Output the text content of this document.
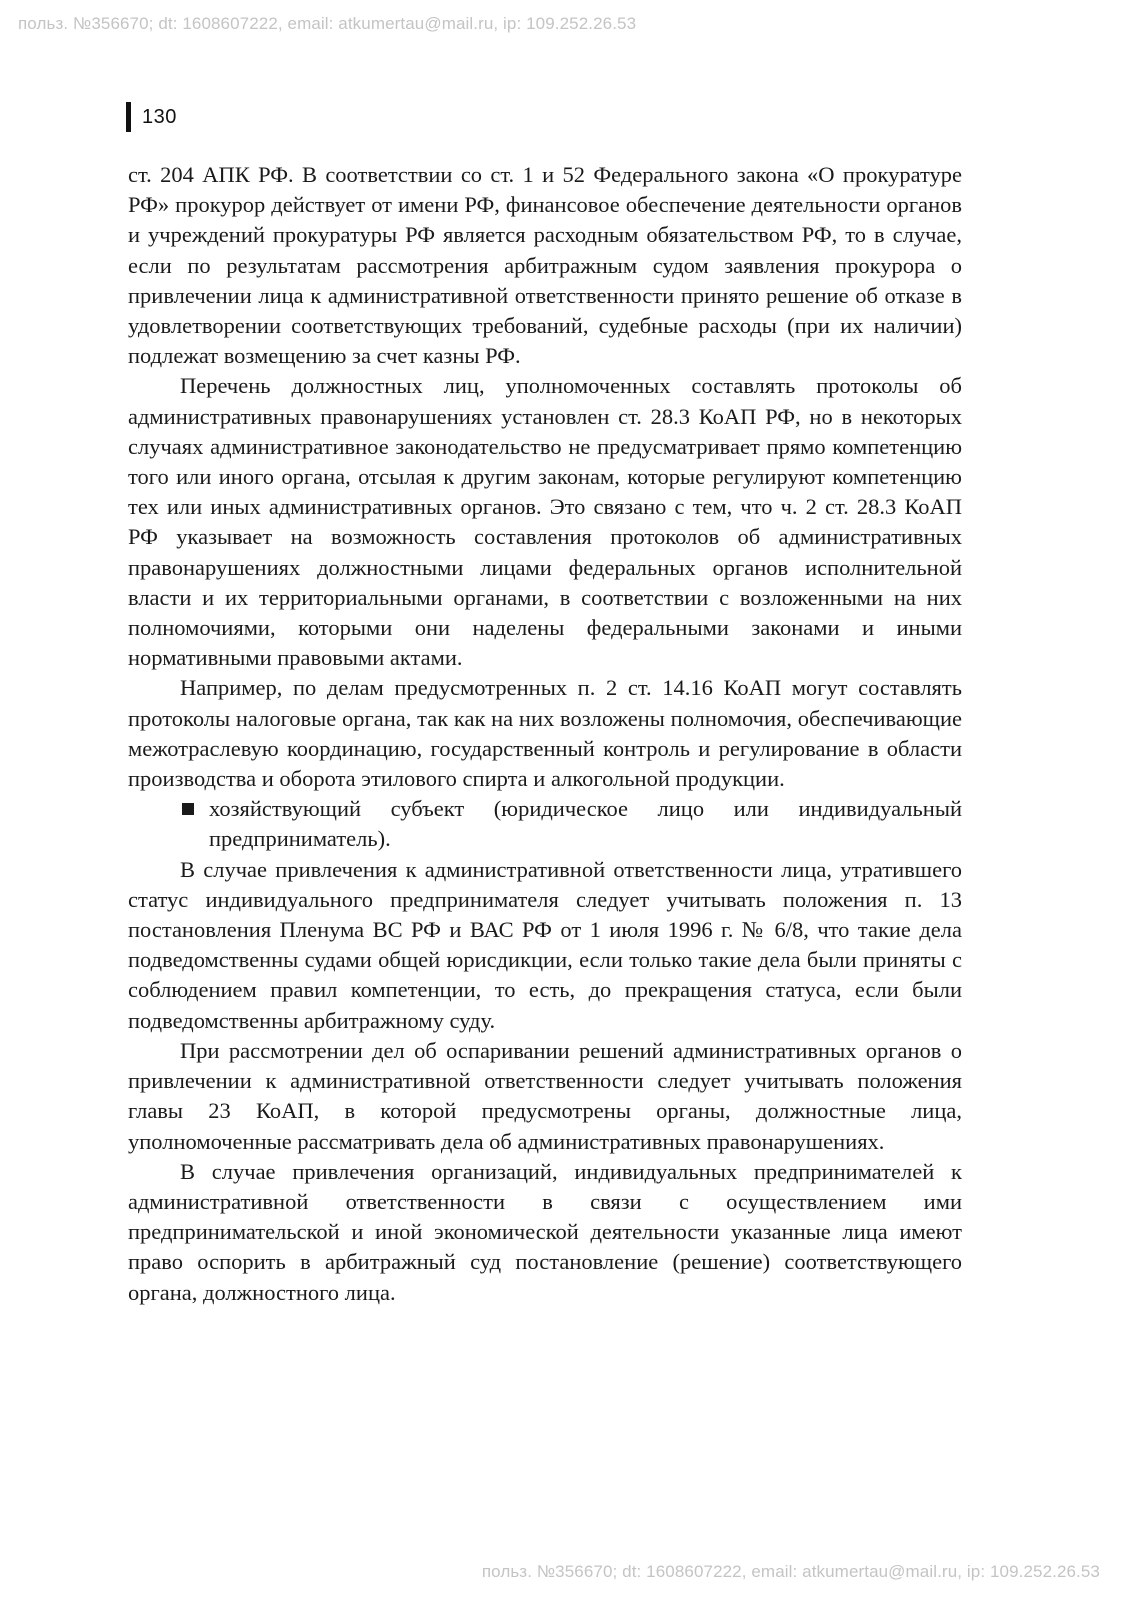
польз. №356670; dt: 1608607222, email: atkumertau@mail.ru, ip: 109.252.26.53
130

ст. 204 АПК РФ. В соответствии со ст. 1 и 52 Федерального закона «О прокуратуре РФ» прокурор действует от имени РФ, финансовое обеспечение деятельности органов и учреждений прокуратуры РФ является расходным обязательством РФ, то в случае, если по результатам рассмотрения арбитражным судом заявления прокурора о привлечении лица к административной ответственности принято решение об отказе в удовлетворении соответствующих требований, судебные расходы (при их наличии) подлежат возмещению за счет казны РФ.

Перечень должностных лиц, уполномоченных составлять протоколы об административных правонарушениях установлен ст. 28.3 КоАП РФ, но в некоторых случаях административное законодательство не предусматривает прямо компетенцию того или иного органа, отсылая к другим законам, которые регулируют компетенцию тех или иных административных органов. Это связано с тем, что ч. 2 ст. 28.3 КоАП РФ указывает на возможность составления протоколов об административных правонарушениях должностными лицами федеральных органов исполнительной власти и их территориальными органами, в соответствии с возложенными на них полномочиями, которыми они наделены федеральными законами и иными нормативными правовыми актами.

Например, по делам предусмотренных п. 2 ст. 14.16 КоАП могут составлять протоколы налоговые органа, так как на них возложены полномочия, обеспечивающие межотраслевую координацию, государственный контроль и регулирование в области производства и оборота этилового спирта и алкогольной продукции.

хозяйствующий субъект (юридическое лицо или индивидуальный предприниматель).

В случае привлечения к административной ответственности лица, утратившего статус индивидуального предпринимателя следует учитывать положения п. 13 постановления Пленума ВС РФ и ВАС РФ от 1 июля 1996 г. № 6/8, что такие дела подведомственны судами общей юрисдикции, если только такие дела были приняты с соблюдением правил компетенции, то есть, до прекращения статуса, если были подведомственны арбитражному суду.

При рассмотрении дел об оспаривании решений административных органов о привлечении к административной ответственности следует учитывать положения главы 23 КоАП, в которой предусмотрены органы, должностные лица, уполномоченные рассматривать дела об административных правонарушениях.

В случае привлечения организаций, индивидуальных предпринимателей к административной ответственности в связи с осуществлением ими предпринимательской и иной экономической деятельности указанные лица имеют право оспорить в арбитражный суд постановление (решение) соответствующего органа, должностного лица.

польз. №356670; dt: 1608607222, email: atkumertau@mail.ru, ip: 109.252.26.53
